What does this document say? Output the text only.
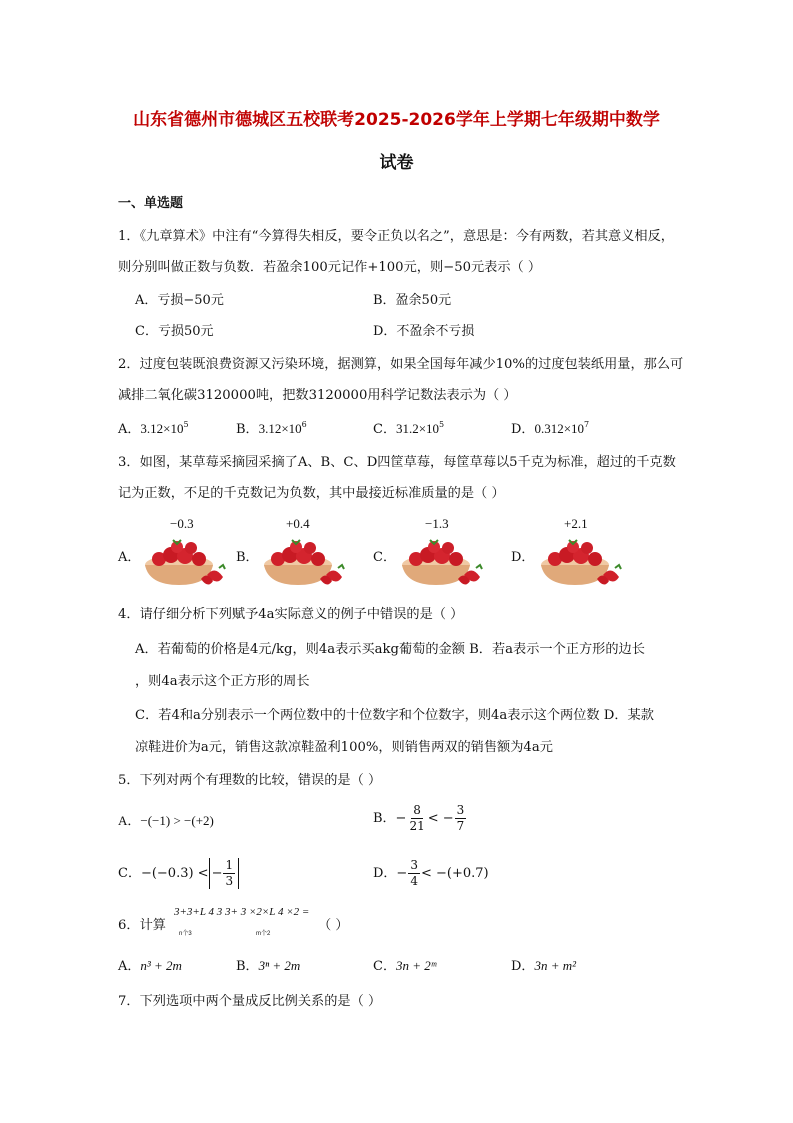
山东省德州市德城区五校联考2025-2026学年上学期七年级期中数学
试卷
一、单选题
1．《九章算术》中注有“今算得失相反，要令正负以名之”，意思是：今有两数，若其意义相反，
则分别叫做正数与负数．若盈余100元记作+100元，则−50元表示（ ）
A．亏损−50元	B．盈余50元
C．亏损50元	D．不盈余不亏损
2．过度包装既浪费资源又污染环境，据测算，如果全国每年减少10%的过度包装纸用量，那么可
减排二氧化碳3120000吨，把数3120000用科学记数法表示为（ ）
A．$3.12\times 10^5$	B．$3.12\times 10^6$	C．$31.2\times 10^5$	D．$0.312\times 10^7$
3．如图，某草莓采摘园采摘了A、B、C、D四筐草莓，每筐草莓以5千克为标准，超过的千克数
记为正数，不足的千克数记为负数，其中最接近标准质量的是（ ）
−0.3	+0.4	−1.3	+2.1
A．	B．	C．	D．
4．请仔细分析下列赋予4a实际意义的例子中错误的是（ ）
A．若葡萄的价格是4元/kg，则4a表示买akg葡萄的金额 B．若a表示一个正方形的边长
，则4a表示这个正方形的周长
C．若4和a分别表示一个两位数中的十位数字和个位数字，则4a表示这个两位数 D．某款
凉鞋进价为a元，销售这款凉鞋盈利100%，则销售两双的销售额为4a元
5．下列对两个有理数的比较，错误的是（ ）
A．−(−1) > −(+2)	B．− $\frac{8}{21}$ < − $\frac{3}{7}$
C．−(−0.3) < − $\frac{1}{3}$	D．− $\frac{3}{4} < -(+0.7)$
6．计算
3+3+L 4 3 3+ 3 ×2×L 4 ×2 =
n个3	m个2
（ ）
A．n³ + 2m	B．3ⁿ + 2m	C．3n + 2ᵐ	D．3n + m²
7．下列选项中两个量成反比例关系的是（ ）
